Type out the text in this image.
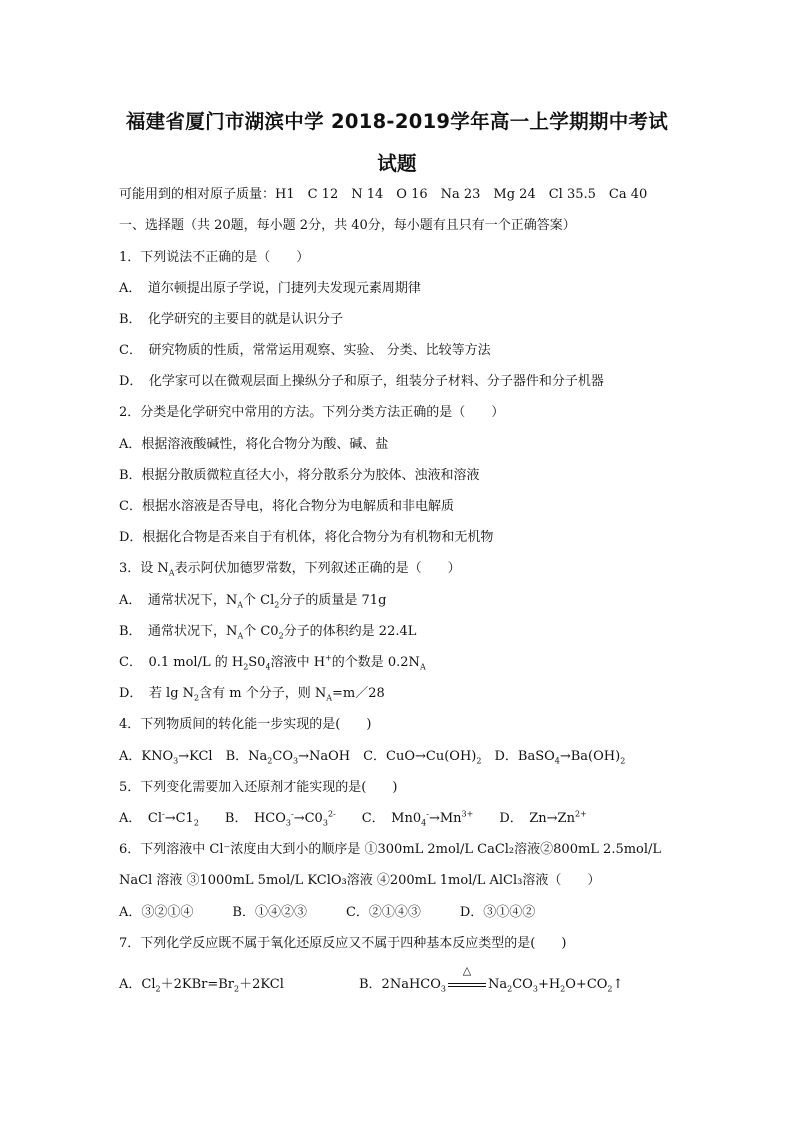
福建省厦门市湖滨中学 2018-2019学年高一上学期期中考试
试题
可能用到的相对原子质量：H1　C 12　N 14　O 16　Na 23　Mg 24　Cl 35.5　Ca 40
一、选择题（共 20题，每小题 2分，共 40分，每小题有且只有一个正确答案）
1．下列说法不正确的是（　　）
A．　道尔顿提出原子学说，门捷列夫发现元素周期律
B．　化学研究的主要目的就是认识分子
C．　研究物质的性质，常常运用观察、实验、 分类、比较等方法
D．　化学家可以在微观层面上操纵分子和原子，组装分子材料、分子器件和分子机器
2．分类是化学研究中常用的方法。下列分类方法正确的是（　　）
A．根据溶液酸碱性，将化合物分为酸、碱、盐
B．根据分散质微粒直径大小，将分散系分为胶体、浊液和溶液
C．根据水溶液是否导电，将化合物分为电解质和非电解质
D．根据化合物是否来自于有机体，将化合物分为有机物和无机物
3．设 $N_A$表示阿伏加德罗常数，下列叙述正确的是（　　）
A．　通常状况下，$N_A$个 $Cl_2$分子的质量是 71g
B．　通常状况下，$N_A$个 $C0_2$分子的体积约是 22.4L
C．　0.1 mol/L 的 $H_2S0_4$溶液中 H+的个数是 $0.2N_A$
D．　若 $\lg N_2$含有 m 个分子，则 $N_A=m/28$
4．下列物质间的转化能一步实现的是(　　)
A．$KNO_3\to KCl$　B．$Na_2CO_3\to NaOH$　C．$CuO\to Cu(OH)_2$　D．$BaSO_4\to Ba(OH)_2$
5．下列变化需要加入还原剂才能实现的是(　　)
A．　$Cl^-\to C1_2$　　B．　$HCO_3^-\to C0_3^{2-}$　　C．　$Mn0_4^-\to Mn^{3+}$　　D．　$Zn\to Zn^{2+}$
6．下列溶液中 Cl⁻浓度由大到小的顺序是 ①300mL 2mol/L CaCl₂溶液②800mL 2.5mol/L
NaCl 溶液 ③1000mL 5mol/L KClO₃溶液 ④200mL 1mol/L AlCl₃溶液（　　）
A．③②①④　　　B．①④②③　　　C．②①④③　　　D．③①④②
7．下列化学反应既不属于氧化还原反应又不属于四种基本反应类型的是(　　)
A．$Cl_2+2KBr=Br_2+2KCl$	B．2NaHCO$_3$
△
$Na_2CO_3+H_2O+CO_2↑$
